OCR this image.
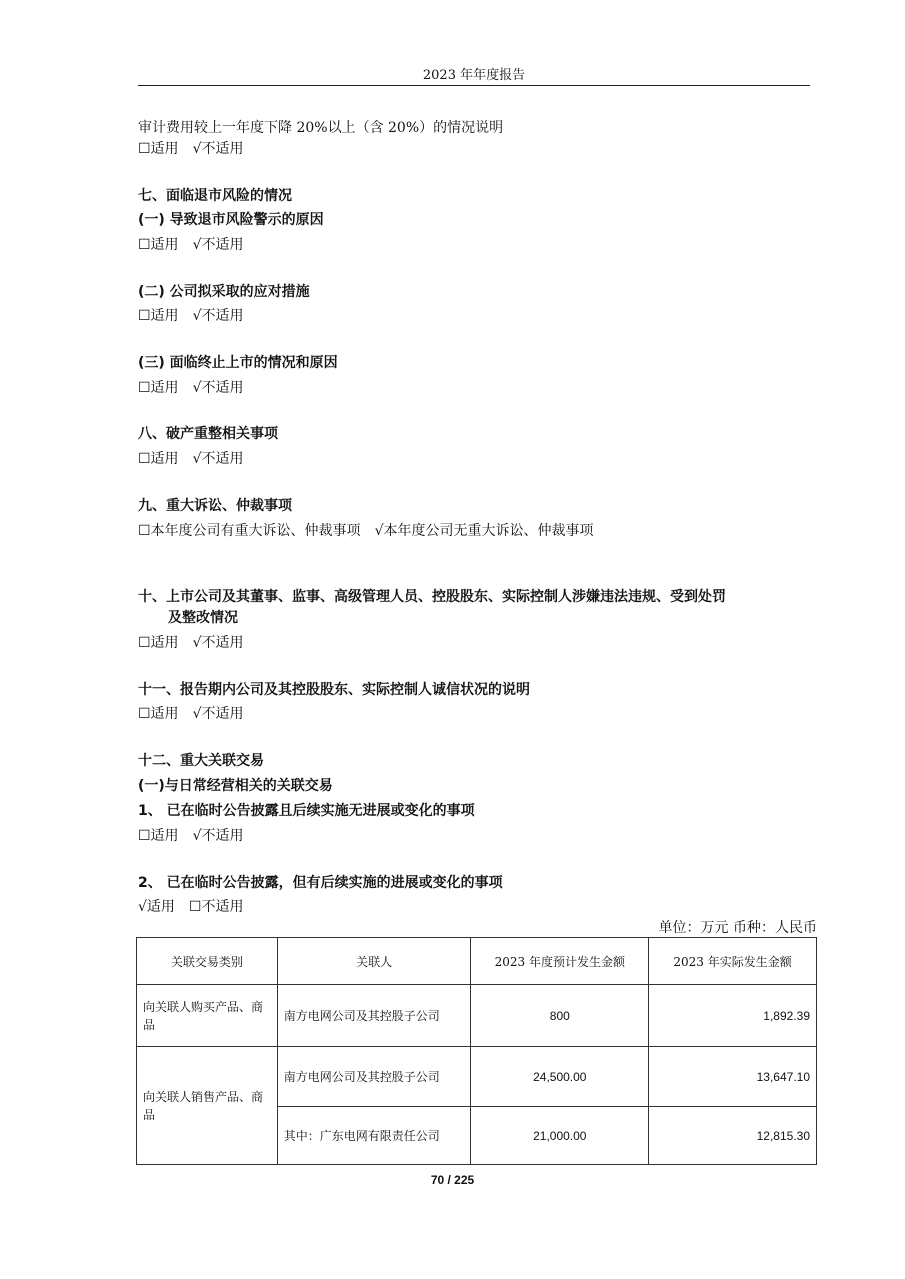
2023 年年度报告
审计费用较上一年度下降 20%以上（含 20%）的情况说明
☐适用 √不适用
七、面临退市风险的情况
(一) 导致退市风险警示的原因
☐适用 √不适用
(二) 公司拟采取的应对措施
☐适用 √不适用
(三) 面临终止上市的情况和原因
☐适用 √不适用
八、破产重整相关事项
☐适用 √不适用
九、重大诉讼、仲裁事项
☐本年度公司有重大诉讼、仲裁事项 √本年度公司无重大诉讼、仲裁事项
十、上市公司及其董事、监事、高级管理人员、控股股东、实际控制人涉嫌违法违规、受到处罚
及整改情况
☐适用 √不适用
十一、报告期内公司及其控股股东、实际控制人诚信状况的说明
☐适用 √不适用
十二、重大关联交易
(一)与日常经营相关的关联交易
1、 已在临时公告披露且后续实施无进展或变化的事项
☐适用 √不适用
2、 已在临时公告披露，但有后续实施的进展或变化的事项
√适用 ☐不适用
单位：万元 币种：人民币
关联交易类别	关联人	2023 年度预计发生金额	2023 年实际发生金额
向关联人购买产品、商品	南方电网公司及其控股子公司	800	1,892.39
向关联人销售产品、商品	南方电网公司及其控股子公司	24,500.00	13,647.10
	其中：广东电网有限责任公司	21,000.00	12,815.30
70 / 225
